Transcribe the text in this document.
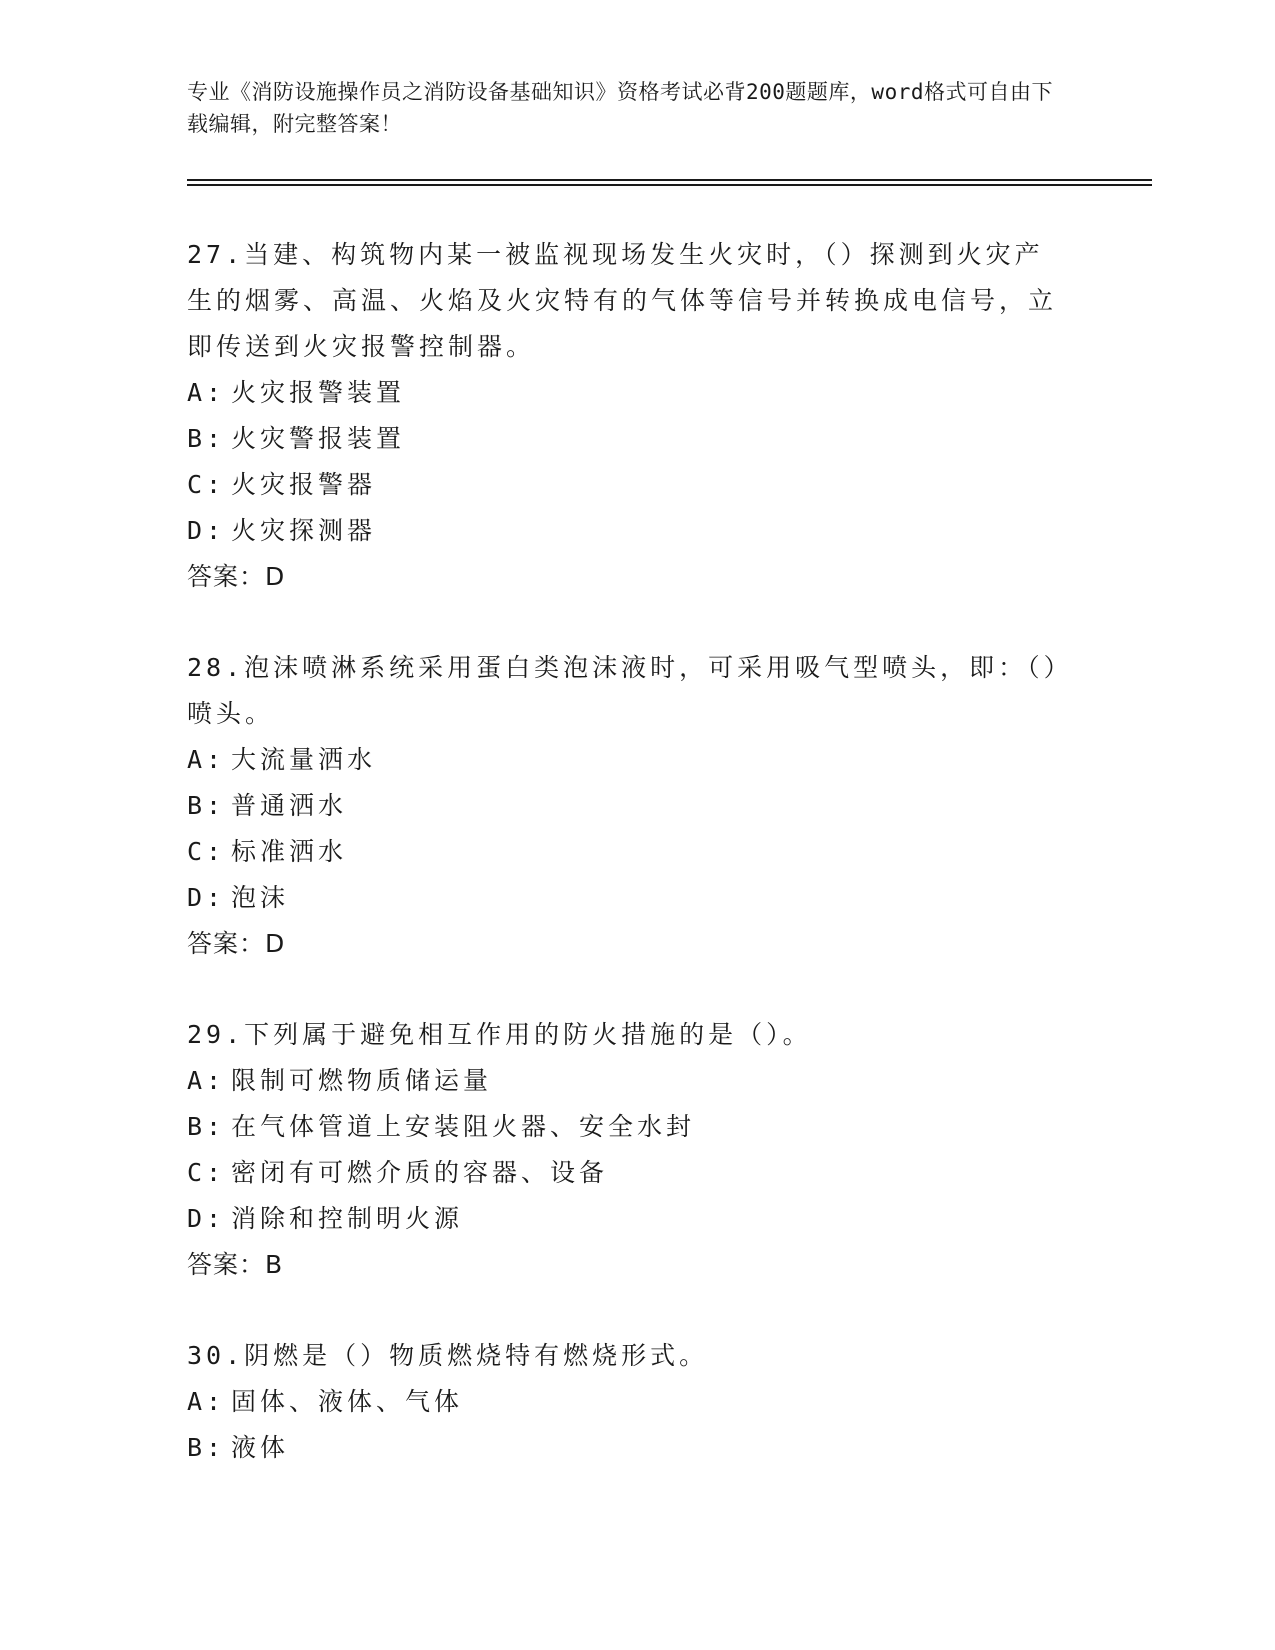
专业《消防设施操作员之消防设备基础知识》资格考试必背200题题库，word格式可自由下载编辑，附完整答案！

27.当建、构筑物内某一被监视现场发生火灾时，（）探测到火灾产生的烟雾、高温、火焰及火灾特有的气体等信号并转换成电信号，立即传送到火灾报警控制器。

A: 火灾报警装置

B: 火灾警报装置

C: 火灾报警器

D: 火灾探测器

答案：D

28.泡沫喷淋系统采用蛋白类泡沫液时，可采用吸气型喷头，即：（）喷头。

A: 大流量洒水

B: 普通洒水

C: 标准洒水

D: 泡沫

答案：D

29.下列属于避免相互作用的防火措施的是（）。

A: 限制可燃物质储运量

B: 在气体管道上安装阻火器、安全水封

C: 密闭有可燃介质的容器、设备

D: 消除和控制明火源

答案：B

30.阴燃是（）物质燃烧特有燃烧形式。

A: 固体、液体、气体

B: 液体
